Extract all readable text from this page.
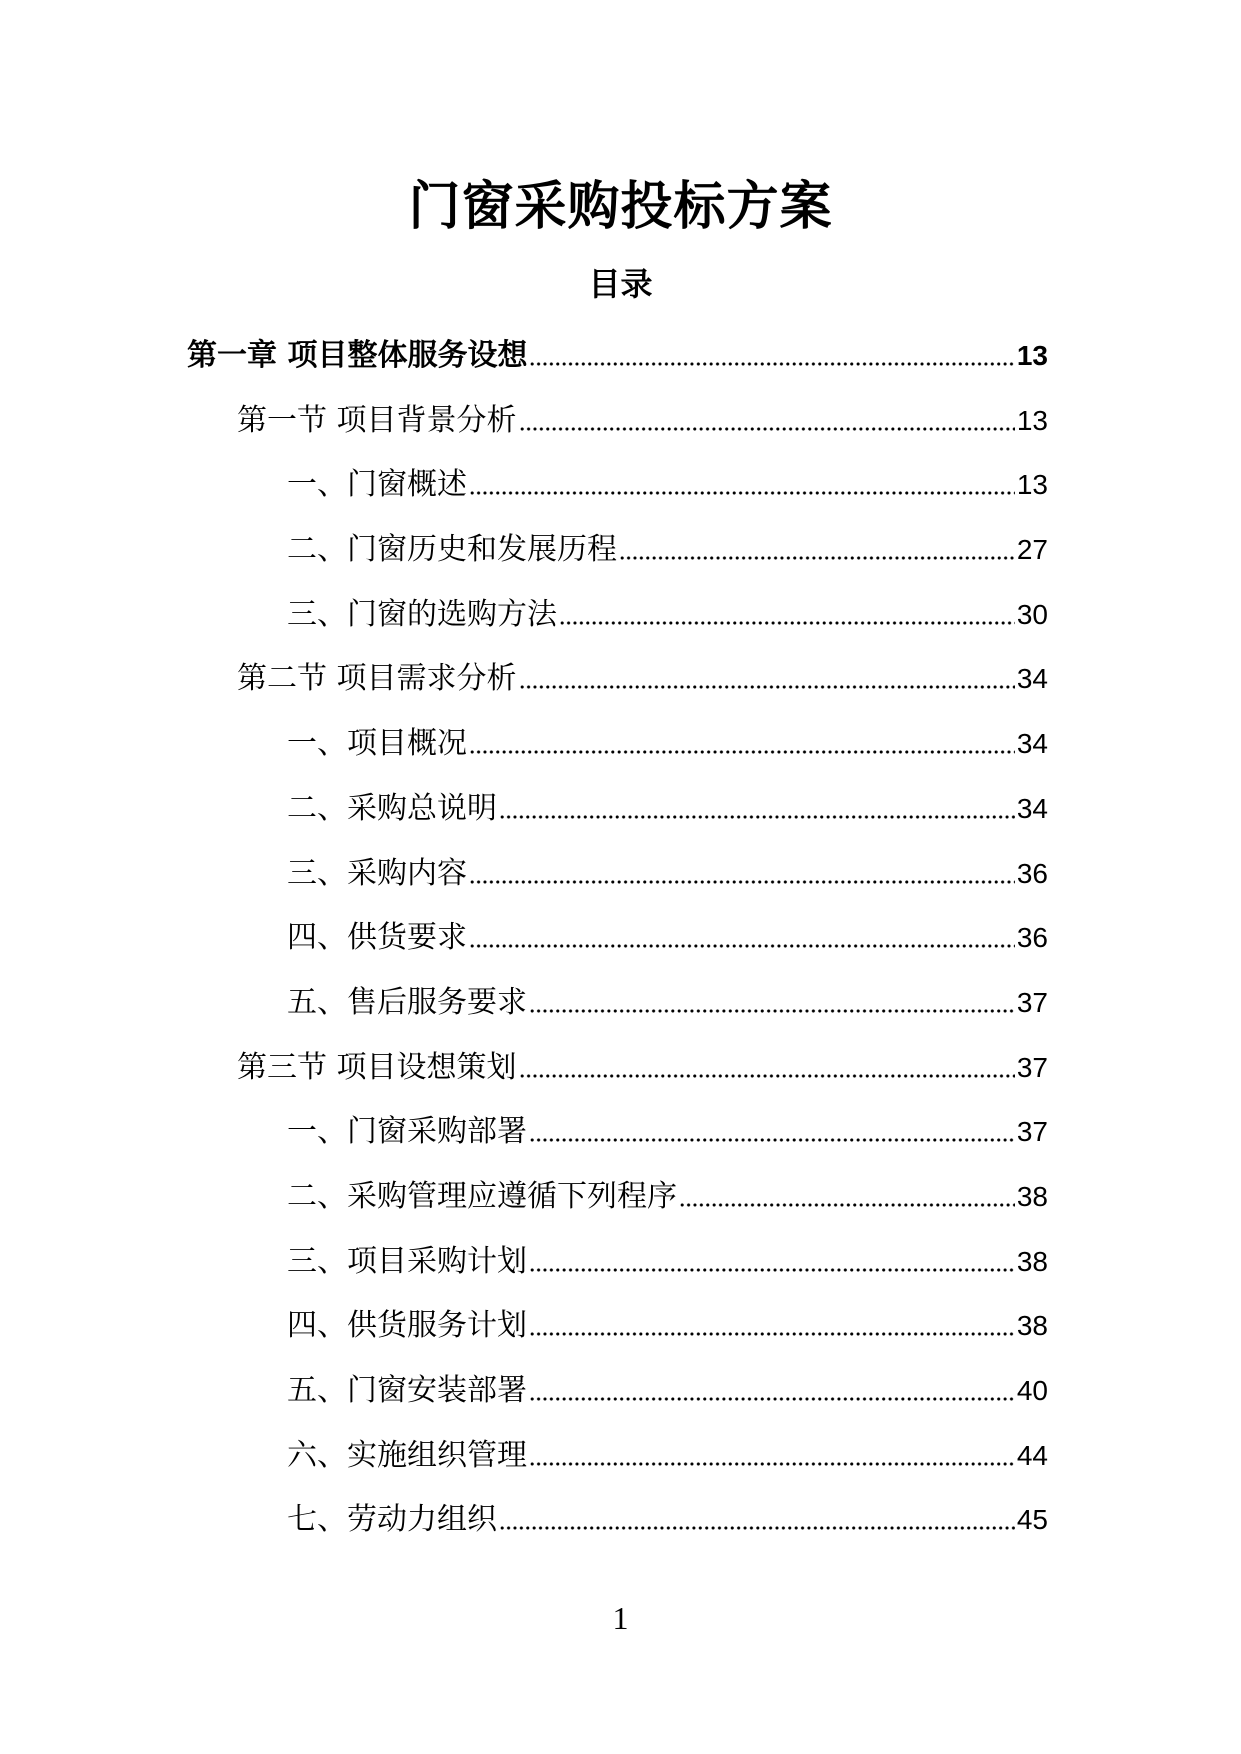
门窗采购投标方案
目录
第一章 项目整体服务设想	13
第一节 项目背景分析	13
一、门窗概述	13
二、门窗历史和发展历程	27
三、门窗的选购方法	30
第二节 项目需求分析	34
一、项目概况	34
二、采购总说明	34
三、采购内容	36
四、供货要求	36
五、售后服务要求	37
第三节 项目设想策划	37
一、门窗采购部署	37
二、采购管理应遵循下列程序	38
三、项目采购计划	38
四、供货服务计划	38
五、门窗安装部署	40
六、实施组织管理	44
七、劳动力组织	45
1
